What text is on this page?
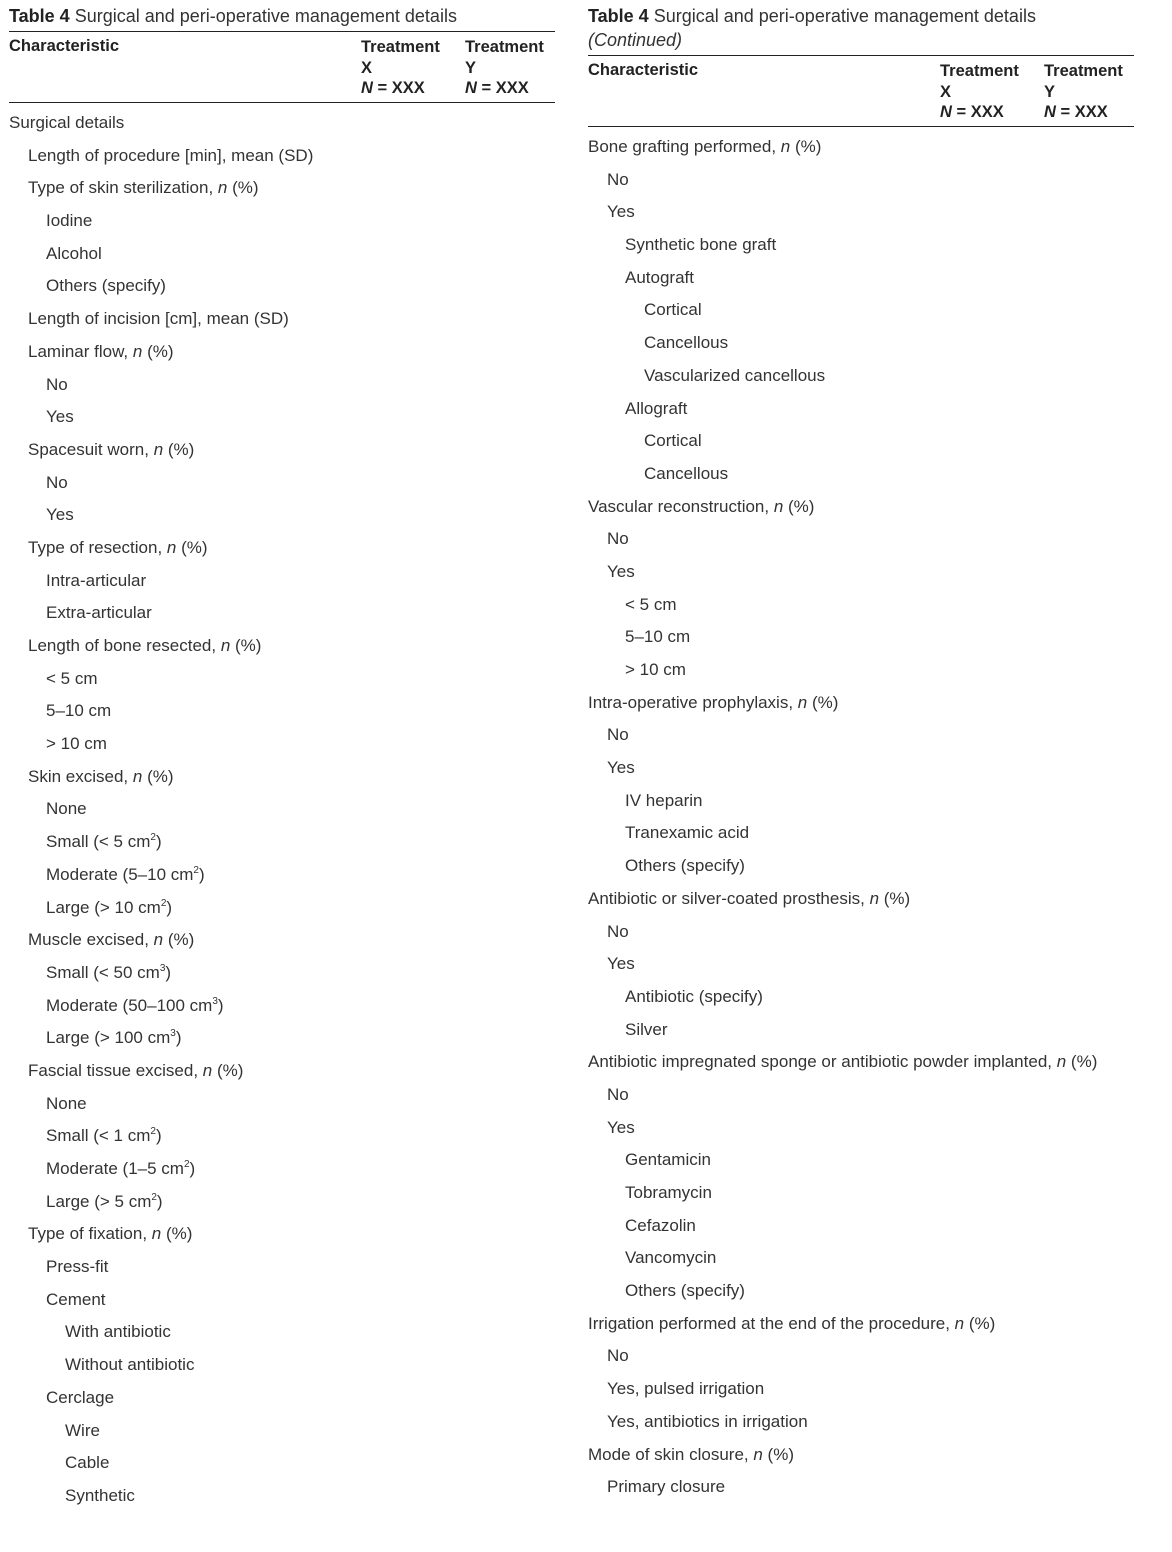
Table 4 Surgical and peri-operative management details
Characteristic	Treatment
X
N = XXX
Treatment
Y
N = XXX
Surgical details
Length of procedure [min], mean (SD)
Type of skin sterilization, n (%)
Iodine
Alcohol
Others (specify)
Length of incision [cm], mean (SD)
Laminar flow, n (%)
No
Yes
Spacesuit worn, n (%)
No
Yes
Type of resection, n (%)
Intra-articular
Extra-articular
Length of bone resected, n (%)
< 5 cm
5–10 cm
> 10 cm
Skin excised, n (%)
None
Small (< 5 $cm^2$)
Moderate (5–10 $cm^2$)
Large (> 10 $cm^2$)
Muscle excised, n (%)
Small (< 50 $cm^3$)
Moderate (50–100 $cm^3$)
Large (> 100 $cm^3$)
Fascial tissue excised, n (%)
None
Small (< 1 $cm^2$)
Moderate (1–5 $cm^2$)
Large (> 5 $cm^2$)
Type of fixation, n (%)
Press-fit
Cement
With antibiotic
Without antibiotic
Cerclage
Wire
Cable
Synthetic
Table 4 Surgical and peri-operative management details
(Continued)
Characteristic	Treatment
X
N = XXX
Treatment
Y
N = XXX
Bone grafting performed, n (%)
No
Yes
Synthetic bone graft
Autograft
Cortical
Cancellous
Vascularized cancellous
Allograft
Cortical
Cancellous
Vascular reconstruction, n (%)
No
Yes
< 5 cm
5–10 cm
> 10 cm
Intra-operative prophylaxis, n (%)
No
Yes
IV heparin
Tranexamic acid
Others (specify)
Antibiotic or silver-coated prosthesis, n (%)
No
Yes
Antibiotic (specify)
Silver
Antibiotic impregnated sponge or antibiotic powder implanted, n (%)
No
Yes
Gentamicin
Tobramycin
Cefazolin
Vancomycin
Others (specify)
Irrigation performed at the end of the procedure, n (%)
No
Yes, pulsed irrigation
Yes, antibiotics in irrigation
Mode of skin closure, n (%)
Primary closure
